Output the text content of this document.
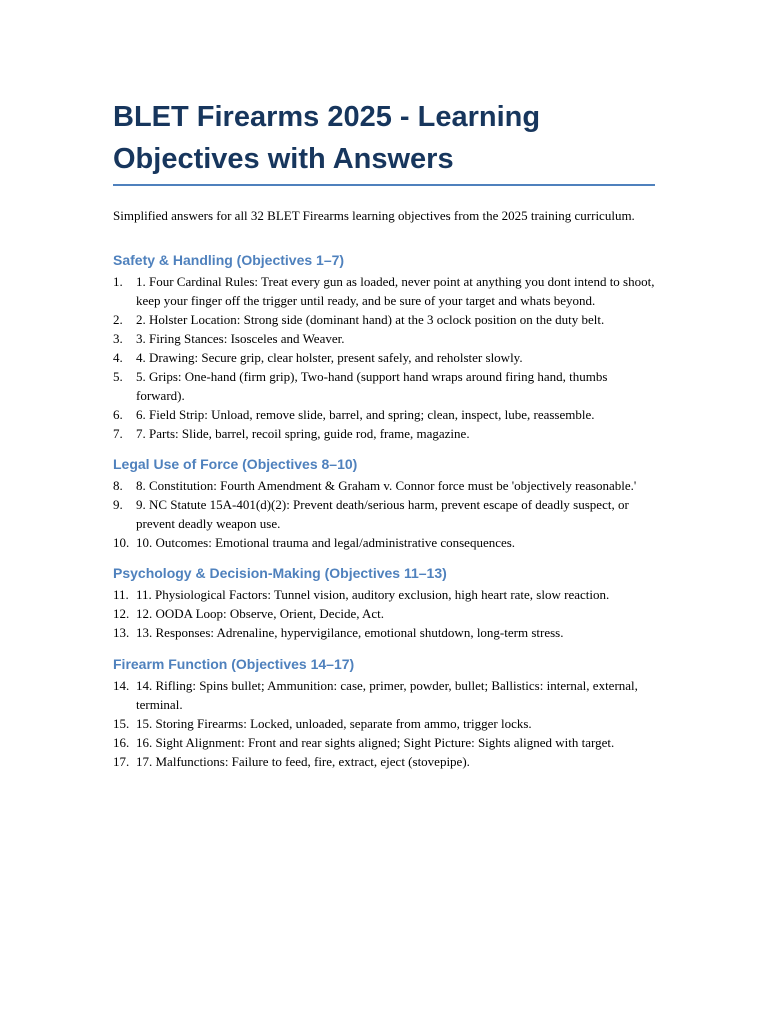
BLET Firearms 2025 - Learning Objectives with Answers

Simplified answers for all 32 BLET Firearms learning objectives from the 2025 training curriculum.

Safety & Handling (Objectives 1–7)
1. 1. Four Cardinal Rules: Treat every gun as loaded, never point at anything you dont intend to shoot, keep your finger off the trigger until ready, and be sure of your target and whats beyond.
2. 2. Holster Location: Strong side (dominant hand) at the 3 oclock position on the duty belt.
3. 3. Firing Stances: Isosceles and Weaver.
4. 4. Drawing: Secure grip, clear holster, present safely, and reholster slowly.
5. 5. Grips: One-hand (firm grip), Two-hand (support hand wraps around firing hand, thumbs forward).
6. 6. Field Strip: Unload, remove slide, barrel, and spring; clean, inspect, lube, reassemble.
7. 7. Parts: Slide, barrel, recoil spring, guide rod, frame, magazine.
Legal Use of Force (Objectives 8–10)
8. 8. Constitution: Fourth Amendment & Graham v. Connor force must be 'objectively reasonable.'
9. 9. NC Statute 15A-401(d)(2): Prevent death/serious harm, prevent escape of deadly suspect, or prevent deadly weapon use.
10. 10. Outcomes: Emotional trauma and legal/administrative consequences.
Psychology & Decision-Making (Objectives 11–13)
11. 11. Physiological Factors: Tunnel vision, auditory exclusion, high heart rate, slow reaction.
12. 12. OODA Loop: Observe, Orient, Decide, Act.
13. 13. Responses: Adrenaline, hypervigilance, emotional shutdown, long-term stress.
Firearm Function (Objectives 14–17)
14. 14. Rifling: Spins bullet; Ammunition: case, primer, powder, bullet; Ballistics: internal, external, terminal.
15. 15. Storing Firearms: Locked, unloaded, separate from ammo, trigger locks.
16. 16. Sight Alignment: Front and rear sights aligned; Sight Picture: Sights aligned with target.
17. 17. Malfunctions: Failure to feed, fire, extract, eject (stovepipe).
